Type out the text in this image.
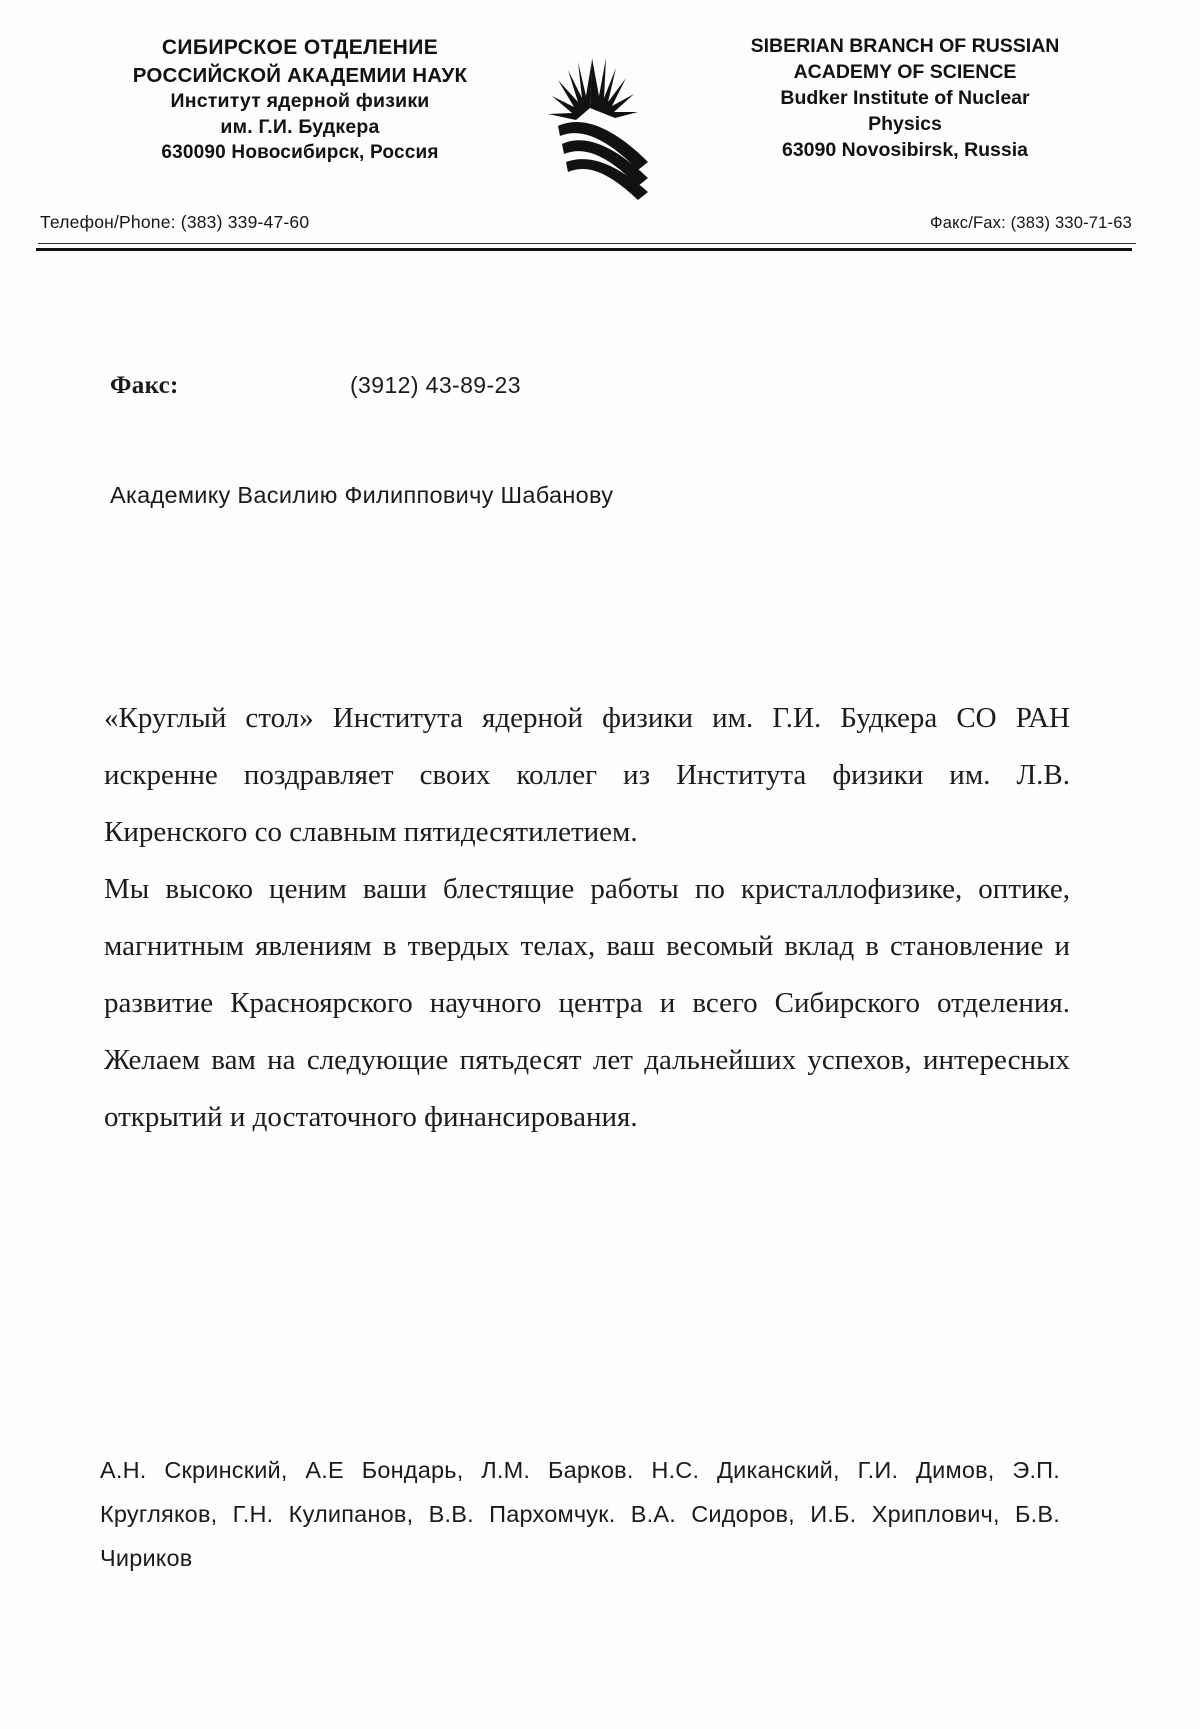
СИБИРСКОЕ ОТДЕЛЕНИЕ
РОССИЙСКОЙ АКАДЕМИИ НАУК
Институт ядерной физики
им. Г.И. Будкера
630090 Новосибирск, Россия
SIBERIAN BRANCH OF RUSSIAN
ACADEMY OF SCIENCE
Budker Institute of Nuclear
Physics
63090 Novosibirsk, Russia
Телефон/Phone: (383) 339-47-60	Факс/Fax: (383) 330-71-63
Факс:	(3912) 43-89-23
Академику Василию Филипповичу Шабанову

«Круглый стол» Института ядерной физики им. Г.И. Будкера СО РАН искренне поздравляет своих коллег из Института физики им. Л.В. Киренского со славным пятидесятилетием.

Мы высоко ценим ваши блестящие работы по кристаллофизике, оптике, магнитным явлениям в твердых телах, ваш весомый вклад в становление и развитие Красноярского научного центра и всего Сибирского отделения. Желаем вам на следующие пятьдесят лет дальнейших успехов, интересных открытий и достаточного финансирования.

А.Н. Скринский, А.Е Бондарь, Л.М. Барков. Н.С. Диканский, Г.И. Димов, Э.П. Кругляков, Г.Н. Кулипанов, В.В. Пархомчук. В.А. Сидоров, И.Б. Хриплович, Б.В. Чириков
